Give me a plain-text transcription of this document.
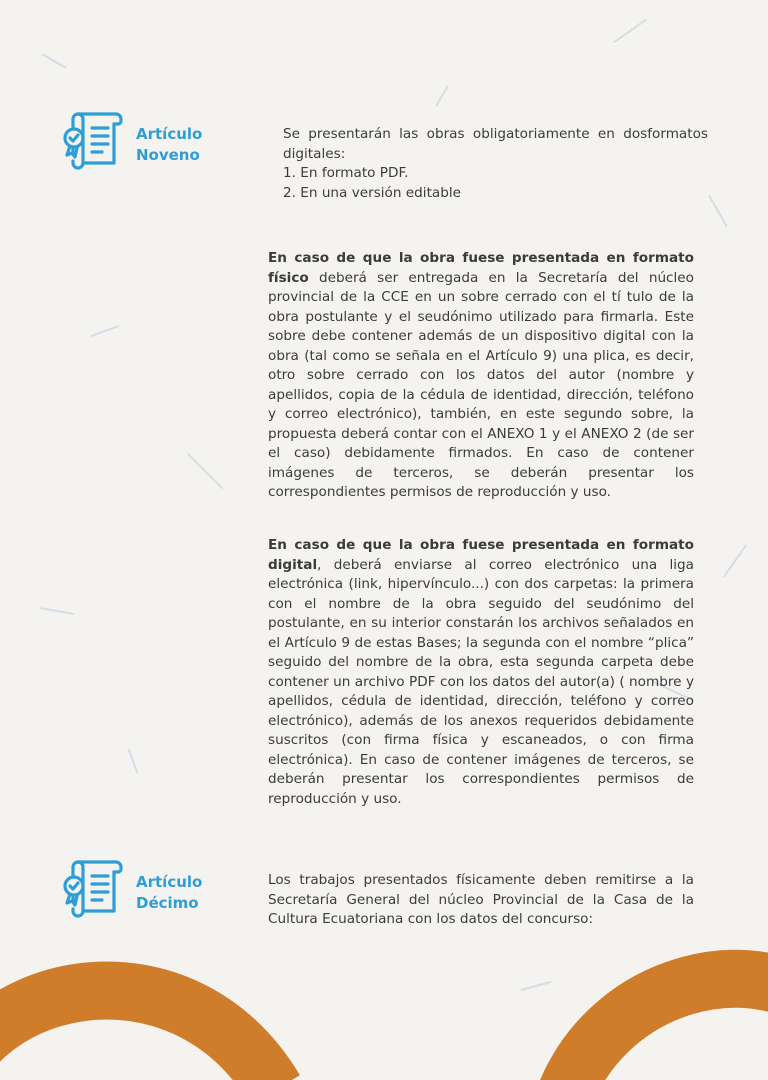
Artículo
Noveno

Se presentarán las obras obligatoriamente en dosformatos digitales:

1. En formato PDF.
2. En una versión editable

En caso de que la obra fuese presentada en formato físico deberá ser entregada en la Secretaría del núcleo provincial de la CCE en un sobre cerrado con el tí tulo de la obra postulante y el seudónimo utilizado para firmarla. Este sobre debe contener además de un dispositivo digital con la obra (tal como se señala en el Artículo 9) una plica, es decir, otro sobre cerrado con los datos del autor (nombre y apellidos, copia de la cédula de identidad, dirección, teléfono y correo electrónico), también, en este segundo sobre, la propuesta deberá contar con el ANEXO 1 y el ANEXO 2 (de ser el caso) debidamente firmados. En caso de contener imágenes de terceros, se deberán presentar los correspondientes permisos de reproducción y uso.

En caso de que la obra fuese presentada en formato digital, deberá enviarse al correo electrónico una liga electrónica (link, hipervínculo...) con dos carpetas: la primera con el nombre de la obra seguido del seudónimo del postulante, en su interior constarán los archivos señalados en el Artículo 9 de estas Bases; la segunda con el nombre “plica” seguido del nombre de la obra, esta segunda carpeta debe contener un archivo PDF con los datos del autor(a) ( nombre y apellidos, cédula de identidad, dirección, teléfono y correo electrónico), además de los anexos requeridos debidamente suscritos (con firma física y escaneados, o con firma electrónica). En caso de contener imágenes de terceros, se deberán presentar los correspondientes permisos de reproducción y uso.

Artículo
Décimo

Los trabajos presentados físicamente deben remitirse a la Secretaría General del núcleo Provincial de la Casa de la Cultura Ecuatoriana con los datos del concurso:
